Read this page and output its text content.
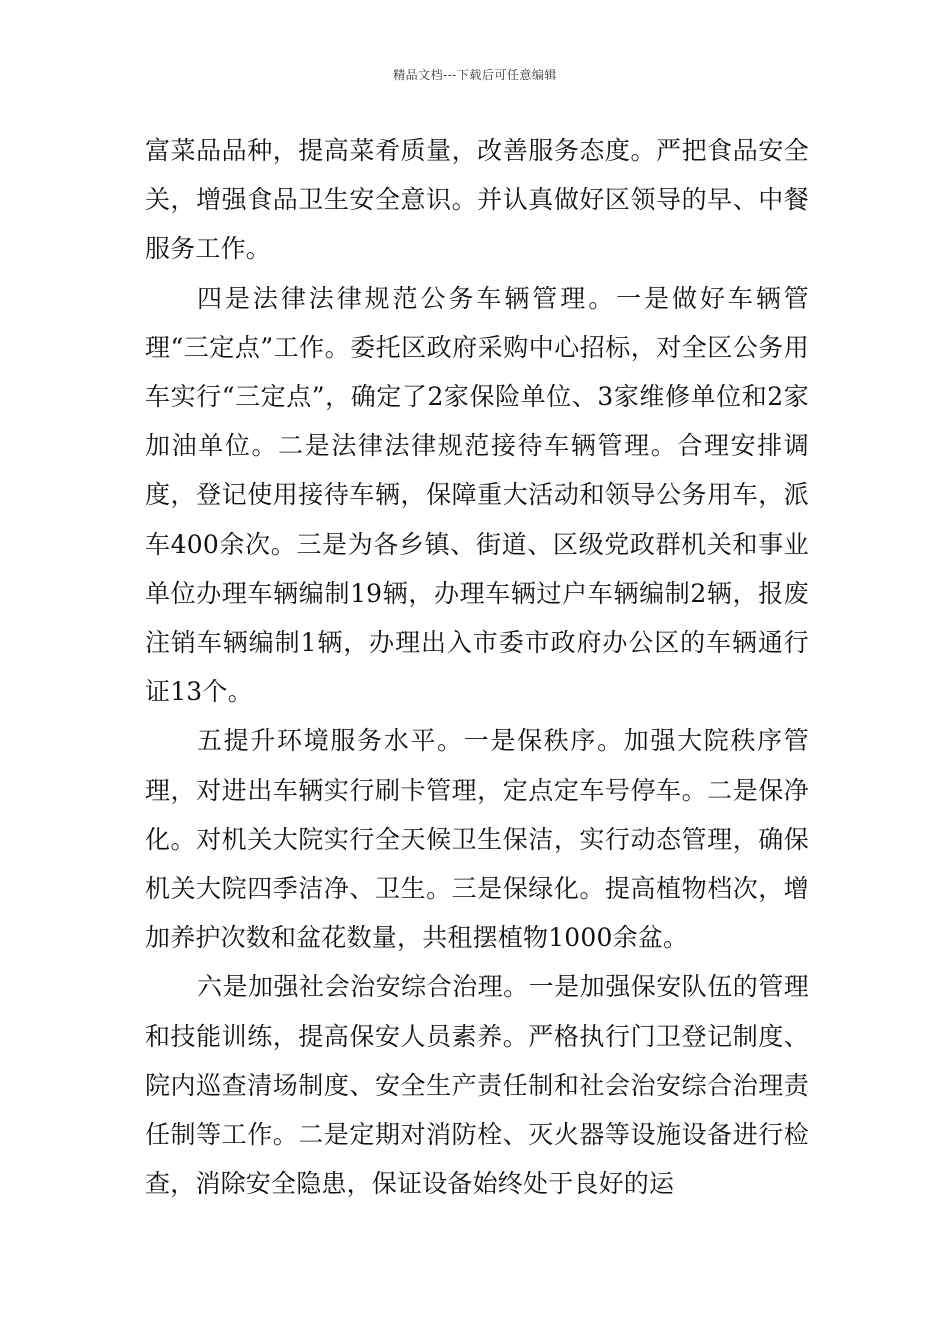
精品文档---下载后可任意编辑

富菜品品种，提高菜肴质量，改善服务态度。严把食品安全关，增强食品卫生安全意识。并认真做好区领导的早、中餐服务工作。

四是法律法律规范公务车辆管理。一是做好车辆管理“三定点”工作。委托区政府采购中心招标，对全区公务用车实行“三定点”，确定了2家保险单位、3家维修单位和2家加油单位。二是法律法律规范接待车辆管理。合理安排调度，登记使用接待车辆，保障重大活动和领导公务用车，派车400余次。三是为各乡镇、街道、区级党政群机关和事业单位办理车辆编制19辆，办理车辆过户车辆编制2辆，报废注销车辆编制1辆，办理出入市委市政府办公区的车辆通行证13个。

五提升环境服务水平。一是保秩序。加强大院秩序管理，对进出车辆实行刷卡管理，定点定车号停车。二是保净化。对机关大院实行全天候卫生保洁，实行动态管理，确保机关大院四季洁净、卫生。三是保绿化。提高植物档次，增加养护次数和盆花数量，共租摆植物1000余盆。

六是加强社会治安综合治理。一是加强保安队伍的管理和技能训练，提高保安人员素养。严格执行门卫登记制度、院内巡查清场制度、安全生产责任制和社会治安综合治理责任制等工作。二是定期对消防栓、灭火器等设施设备进行检查，消除安全隐患，保证设备始终处于良好的运
